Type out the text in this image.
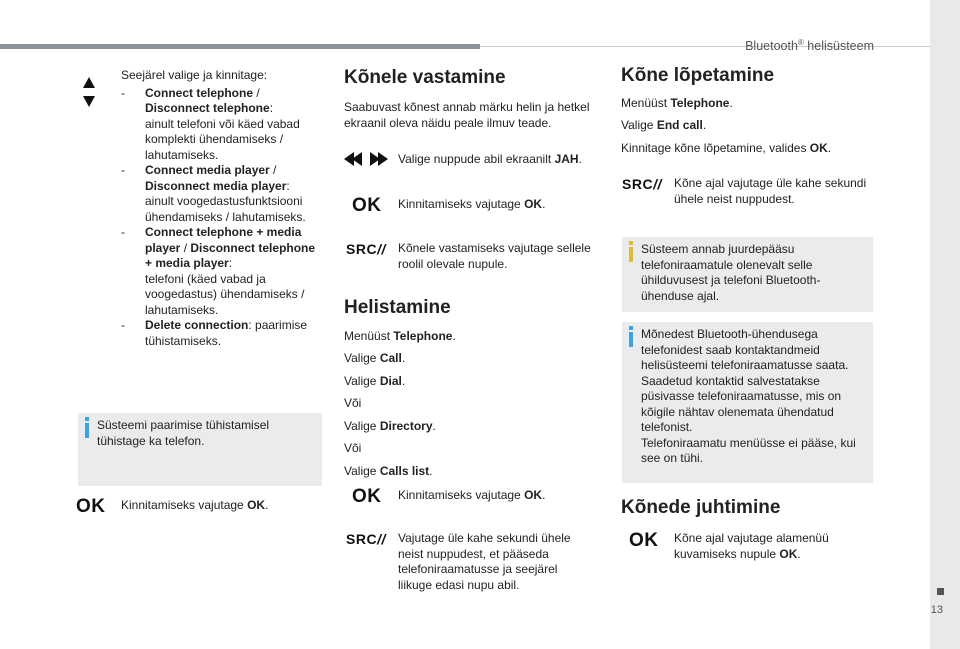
Bluetooth® helisüsteem
13
Seejärel valige ja kinnitage:
-	Connect telephone / Disconnect telephone:
ainult telefoni või käed vabad komplekti ühendamiseks / lahutamiseks.
-	Connect media player / Disconnect media player:
ainult voogedastusfunktsiooni ühendamiseks / lahutamiseks.
-	Connect telephone + media player / Disconnect telephone + media player:
telefoni (käed vabad ja voogedastus) ühendamiseks / lahutamiseks.
-	Delete connection: paarimise tühistamiseks.
Süsteemi paarimise tühistamisel tühistage ka telefon.
OK Kinnitamiseks vajutage OK.
Kõnele vastamine
Saabuvast kõnest annab märku helin ja hetkel ekraanil oleva näidu peale ilmuv teade.
Valige nuppude abil ekraanilt JAH.
OK Kinnitamiseks vajutage OK.
SRC// Kõnele vastamiseks vajutage sellele roolil olevale nupule.
Helistamine
Menüüst Telephone.
Valige Call.
Valige Dial.
Või
Valige Directory.
Või
Valige Calls list.
OK Kinnitamiseks vajutage OK.
SRC// Vajutage üle kahe sekundi ühele neist nuppudest, et pääseda telefoniraamatusse ja seejärel liikuge edasi nupu abil.
Kõne lõpetamine
Menüüst Telephone.
Valige End call.
Kinnitage kõne lõpetamine, valides OK.
SRC// Kõne ajal vajutage üle kahe sekundi ühele neist nuppudest.
Süsteem annab juurdepääsu telefoniraamatule olenevalt selle ühilduvusest ja telefoni Bluetooth-ühenduse ajal.
Mõnedest Bluetooth-ühendusega telefonidest saab kontaktandmeid helisüsteemi telefoniraamatusse saata. Saadetud kontaktid salvestatakse püsivasse telefoniraamatusse, mis on kõigile nähtav olenemata ühendatud telefonist.
Telefoniraamatu menüüsse ei pääse, kui see on tühi.
Kõnede juhtimine
OK Kõne ajal vajutage alamenüü kuvamiseks nupule OK.
